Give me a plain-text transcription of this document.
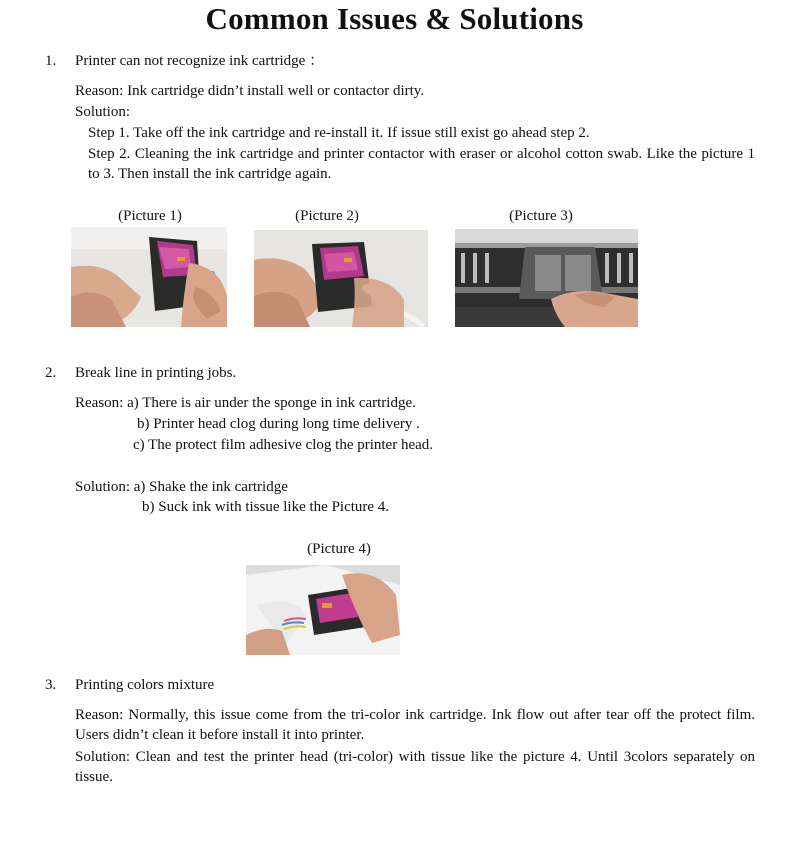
Common Issues & Solutions
1. Printer can not recognize ink cartridge ：
Reason: Ink cartridge didn’t install well or contactor dirty.
Solution:
Step 1. Take off the ink cartridge and re-install it. If issue still exist go ahead step 2.
Step 2. Cleaning the ink cartridge and printer contactor with eraser or alcohol cotton swab. Like the picture 1 to 3. Then install the ink cartridge again.
(Picture 1)	(Picture 2)	(Picture 3)
2. Break line in printing jobs.
Reason: a) There is air under the sponge in ink cartridge.
b) Printer head clog during long time delivery .
c) The protect film adhesive clog the printer head.
Solution: a) Shake the ink cartridge
b) Suck ink with tissue like the Picture 4.
(Picture 4)
3. Printing colors mixture
Reason: Normally, this issue come from the tri-color ink cartridge. Ink flow out after tear off the protect film. Users didn’t clean it before install it into printer.
Solution: Clean and test the printer head (tri-color) with tissue like the picture 4. Until 3colors separately on tissue.
